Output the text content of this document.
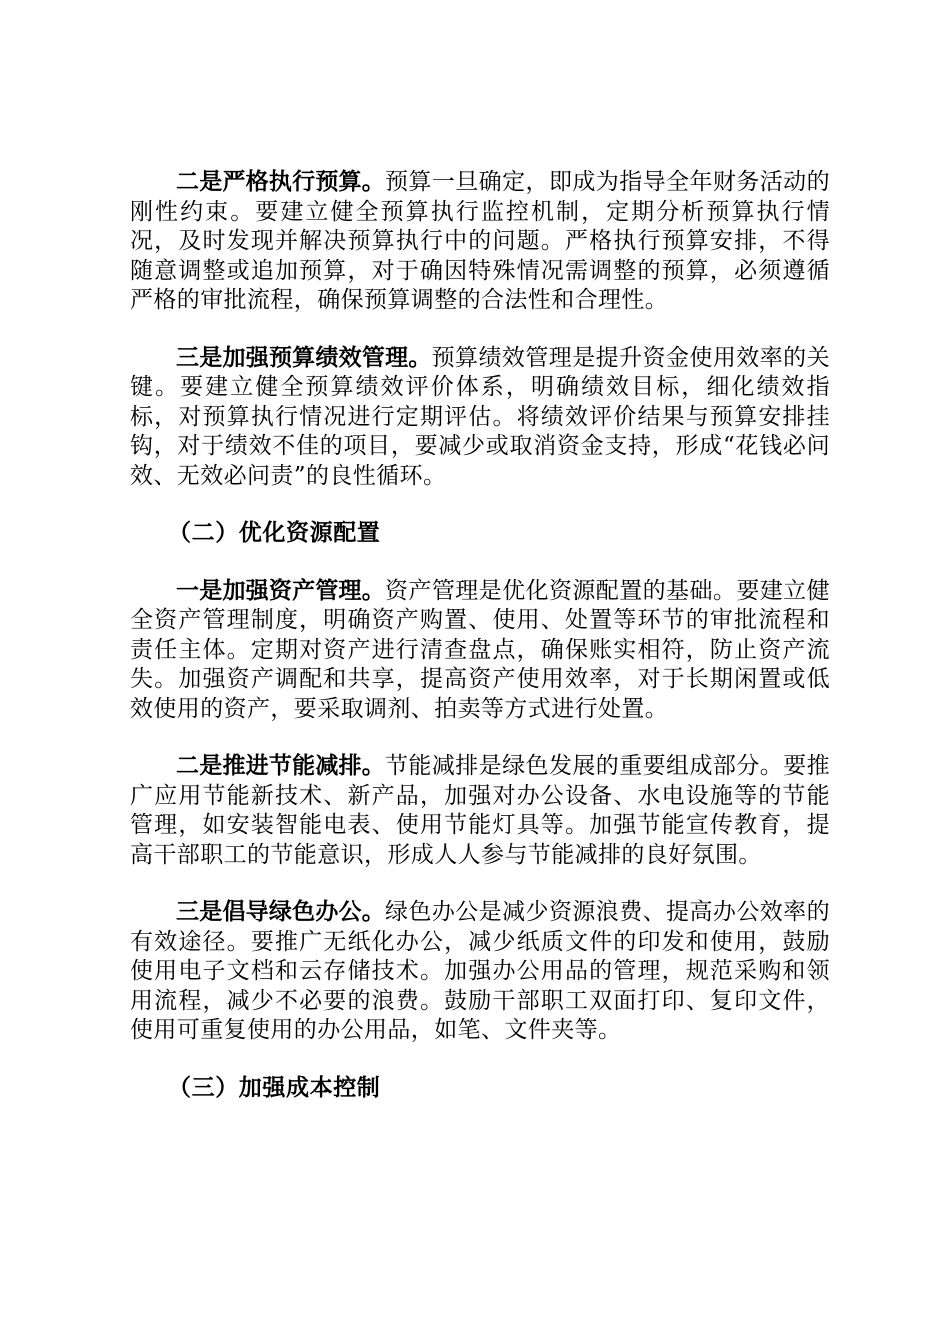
二是严格执行预算。预算一旦确定，即成为指导全年财务活动的刚性约束。要建立健全预算执行监控机制，定期分析预算执行情况，及时发现并解决预算执行中的问题。严格执行预算安排，不得随意调整或追加预算，对于确因特殊情况需调整的预算，必须遵循严格的审批流程，确保预算调整的合法性和合理性。

三是加强预算绩效管理。预算绩效管理是提升资金使用效率的关键。要建立健全预算绩效评价体系，明确绩效目标，细化绩效指标，对预算执行情况进行定期评估。将绩效评价结果与预算安排挂钩，对于绩效不佳的项目，要减少或取消资金支持，形成“花钱必问效、无效必问责”的良性循环。

（二）优化资源配置

一是加强资产管理。资产管理是优化资源配置的基础。要建立健全资产管理制度，明确资产购置、使用、处置等环节的审批流程和责任主体。定期对资产进行清查盘点，确保账实相符，防止资产流失。加强资产调配和共享，提高资产使用效率，对于长期闲置或低效使用的资产，要采取调剂、拍卖等方式进行处置。

二是推进节能减排。节能减排是绿色发展的重要组成部分。要推广应用节能新技术、新产品，加强对办公设备、水电设施等的节能管理，如安装智能电表、使用节能灯具等。加强节能宣传教育，提高干部职工的节能意识，形成人人参与节能减排的良好氛围。

三是倡导绿色办公。绿色办公是减少资源浪费、提高办公效率的有效途径。要推广无纸化办公，减少纸质文件的印发和使用，鼓励使用电子文档和云存储技术。加强办公用品的管理，规范采购和领用流程，减少不必要的浪费。鼓励干部职工双面打印、复印文件，使用可重复使用的办公用品，如笔、文件夹等。

（三）加强成本控制
